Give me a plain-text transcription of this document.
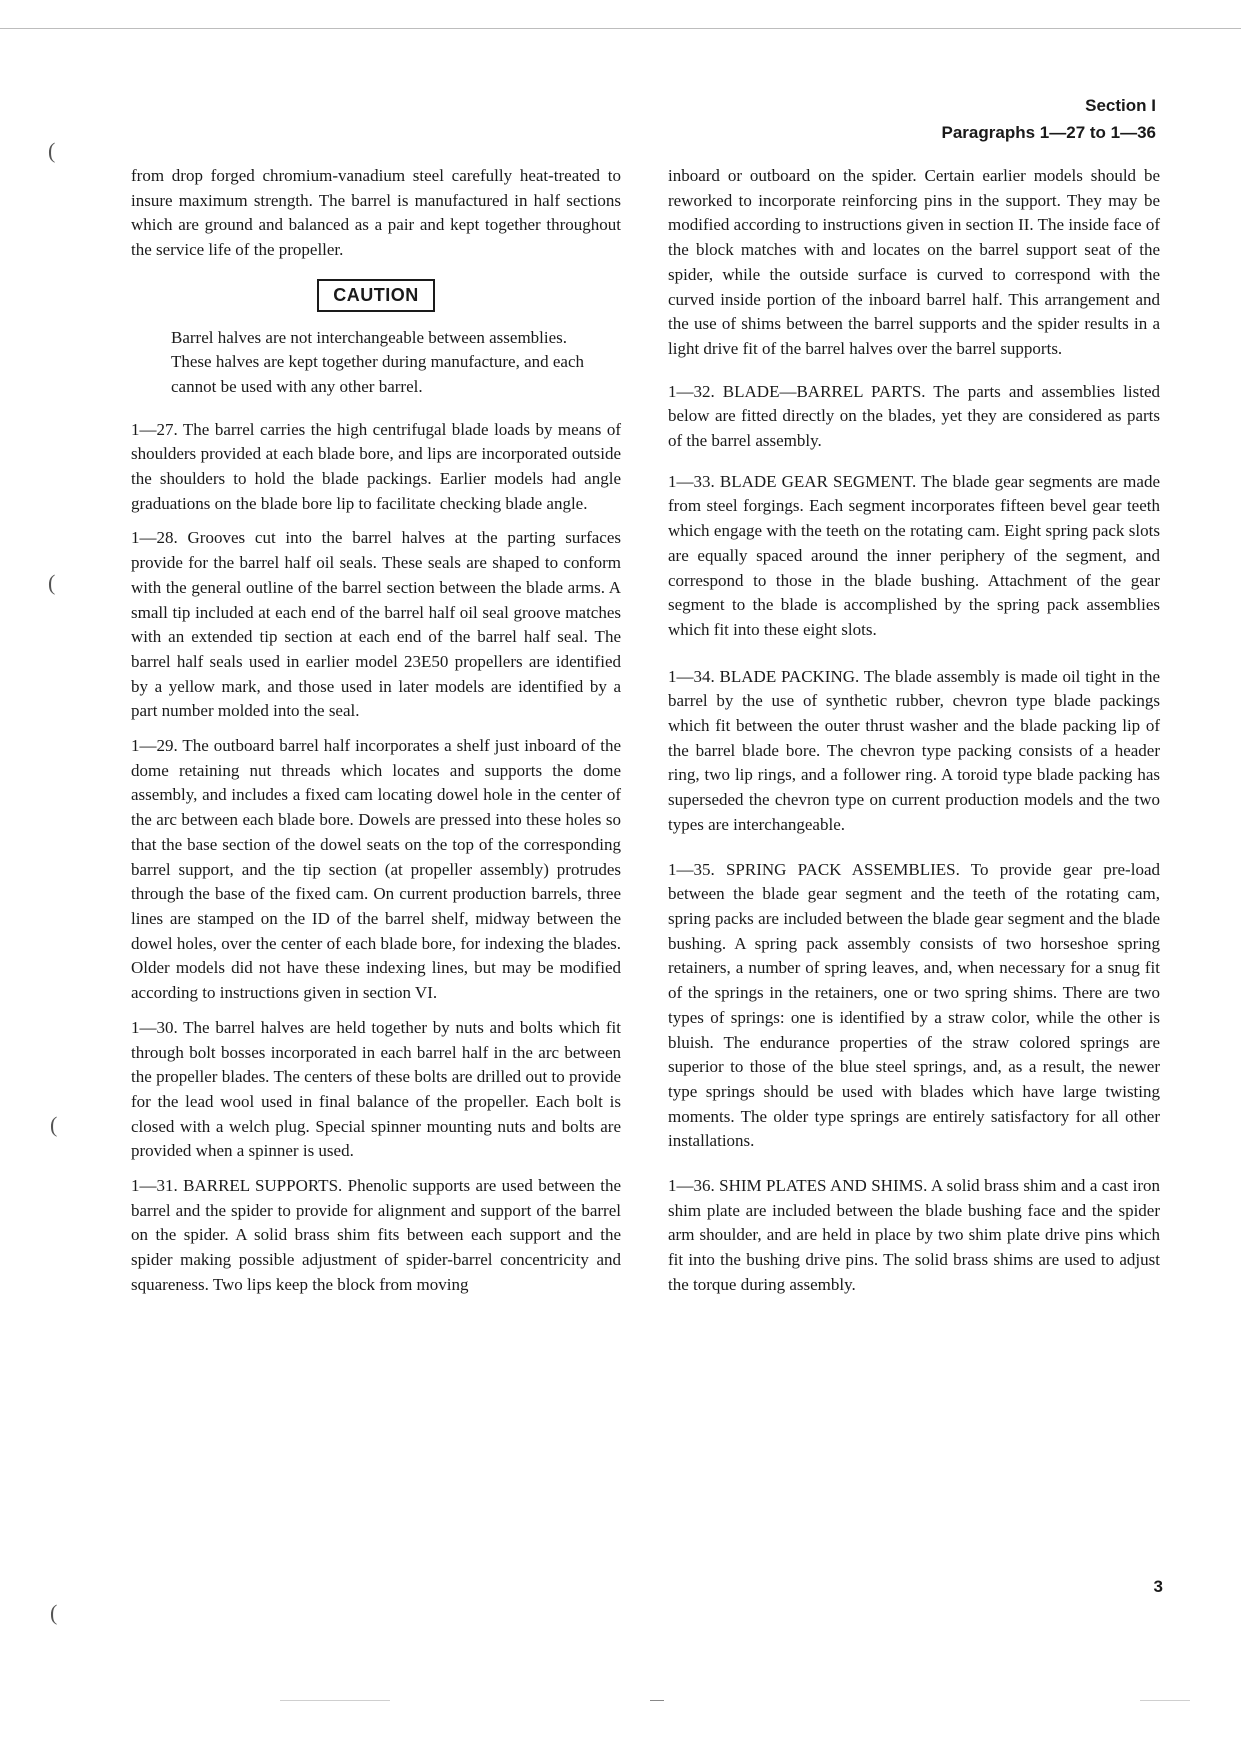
(
(
(
(
Section I
Paragraphs 1—27 to 1—36

from drop forged chromium-vanadium steel carefully heat-treated to insure maximum strength. The barrel is manufactured in half sections which are ground and balanced as a pair and kept together throughout the service life of the propeller.

CAUTION

Barrel halves are not interchangeable between assemblies. These halves are kept together during manufacture, and each cannot be used with any other barrel.

1—27. The barrel carries the high centrifugal blade loads by means of shoulders provided at each blade bore, and lips are incorporated outside the shoulders to hold the blade packings. Earlier models had angle graduations on the blade bore lip to facilitate checking blade angle.

1—28. Grooves cut into the barrel halves at the parting surfaces provide for the barrel half oil seals. These seals are shaped to conform with the general outline of the barrel section between the blade arms. A small tip included at each end of the barrel half oil seal groove matches with an extended tip section at each end of the barrel half seal. The barrel half seals used in earlier model 23E50 propellers are identified by a yellow mark, and those used in later models are identified by a part number molded into the seal.

1—29. The outboard barrel half incorporates a shelf just inboard of the dome retaining nut threads which locates and supports the dome assembly, and includes a fixed cam locating dowel hole in the center of the arc between each blade bore. Dowels are pressed into these holes so that the base section of the dowel seats on the top of the corresponding barrel support, and the tip section (at propeller assembly) protrudes through the base of the fixed cam. On current production barrels, three lines are stamped on the ID of the barrel shelf, midway between the dowel holes, over the center of each blade bore, for indexing the blades. Older models did not have these indexing lines, but may be modified according to instructions given in section VI.

1—30. The barrel halves are held together by nuts and bolts which fit through bolt bosses incorporated in each barrel half in the arc between the propeller blades. The centers of these bolts are drilled out to provide for the lead wool used in final balance of the propeller. Each bolt is closed with a welch plug. Special spinner mounting nuts and bolts are provided when a spinner is used.

1—31. BARREL SUPPORTS. Phenolic supports are used between the barrel and the spider to provide for alignment and support of the barrel on the spider. A solid brass shim fits between each support and the spider making possible adjustment of spider-barrel concentricity and squareness. Two lips keep the block from moving

inboard or outboard on the spider. Certain earlier models should be reworked to incorporate reinforcing pins in the support. They may be modified according to instructions given in section II. The inside face of the block matches with and locates on the barrel support seat of the spider, while the outside surface is curved to correspond with the curved inside portion of the inboard barrel half. This arrangement and the use of shims between the barrel supports and the spider results in a light drive fit of the barrel halves over the barrel supports.

1—32. BLADE—BARREL PARTS. The parts and assemblies listed below are fitted directly on the blades, yet they are considered as parts of the barrel assembly.

1—33. BLADE GEAR SEGMENT. The blade gear segments are made from steel forgings. Each segment incorporates fifteen bevel gear teeth which engage with the teeth on the rotating cam. Eight spring pack slots are equally spaced around the inner periphery of the segment, and correspond to those in the blade bushing. Attachment of the gear segment to the blade is accomplished by the spring pack assemblies which fit into these eight slots.

1—34. BLADE PACKING. The blade assembly is made oil tight in the barrel by the use of synthetic rubber, chevron type blade packings which fit between the outer thrust washer and the blade packing lip of the barrel blade bore. The chevron type packing consists of a header ring, two lip rings, and a follower ring. A toroid type blade packing has superseded the chevron type on current production models and the two types are interchangeable.

1—35. SPRING PACK ASSEMBLIES. To provide gear pre-load between the blade gear segment and the teeth of the rotating cam, spring packs are included between the blade gear segment and the blade bushing. A spring pack assembly consists of two horseshoe spring retainers, a number of spring leaves, and, when necessary for a snug fit of the springs in the retainers, one or two spring shims. There are two types of springs: one is identified by a straw color, while the other is bluish. The endurance properties of the straw colored springs are superior to those of the blue steel springs, and, as a result, the newer type springs should be used with blades which have large twisting moments. The older type springs are entirely satisfactory for all other installations.

1—36. SHIM PLATES AND SHIMS. A solid brass shim and a cast iron shim plate are included between the blade bushing face and the spider arm shoulder, and are held in place by two shim plate drive pins which fit into the bushing drive pins. The solid brass shims are used to adjust the torque during assembly.

3
